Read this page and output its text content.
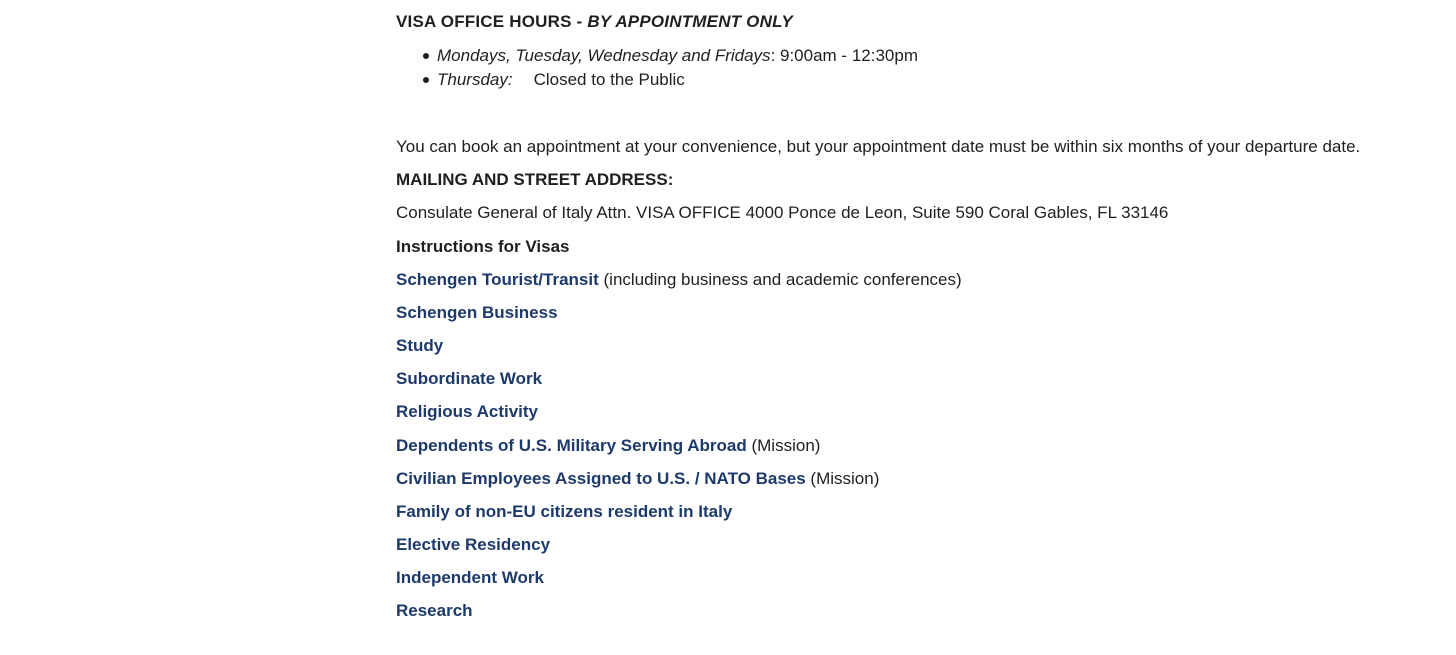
VISA OFFICE HOURS - BY APPOINTMENT ONLY
Mondays, Tuesday, Wednesday and Fridays: 9:00am - 12:30pm
Thursday: Closed to the Public
You can book an appointment at your convenience, but your appointment date must be within six months of your departure date.
MAILING AND STREET ADDRESS:
Consulate General of Italy Attn. VISA OFFICE 4000 Ponce de Leon, Suite 590 Coral Gables, FL 33146
Instructions for Visas
Schengen Tourist/Transit (including business and academic conferences)
Schengen Business
Study
Subordinate Work
Religious Activity
Dependents of U.S. Military Serving Abroad (Mission)
Civilian Employees Assigned to U.S. / NATO Bases (Mission)
Family of non-EU citizens resident in Italy
Elective Residency
Independent Work
Research
